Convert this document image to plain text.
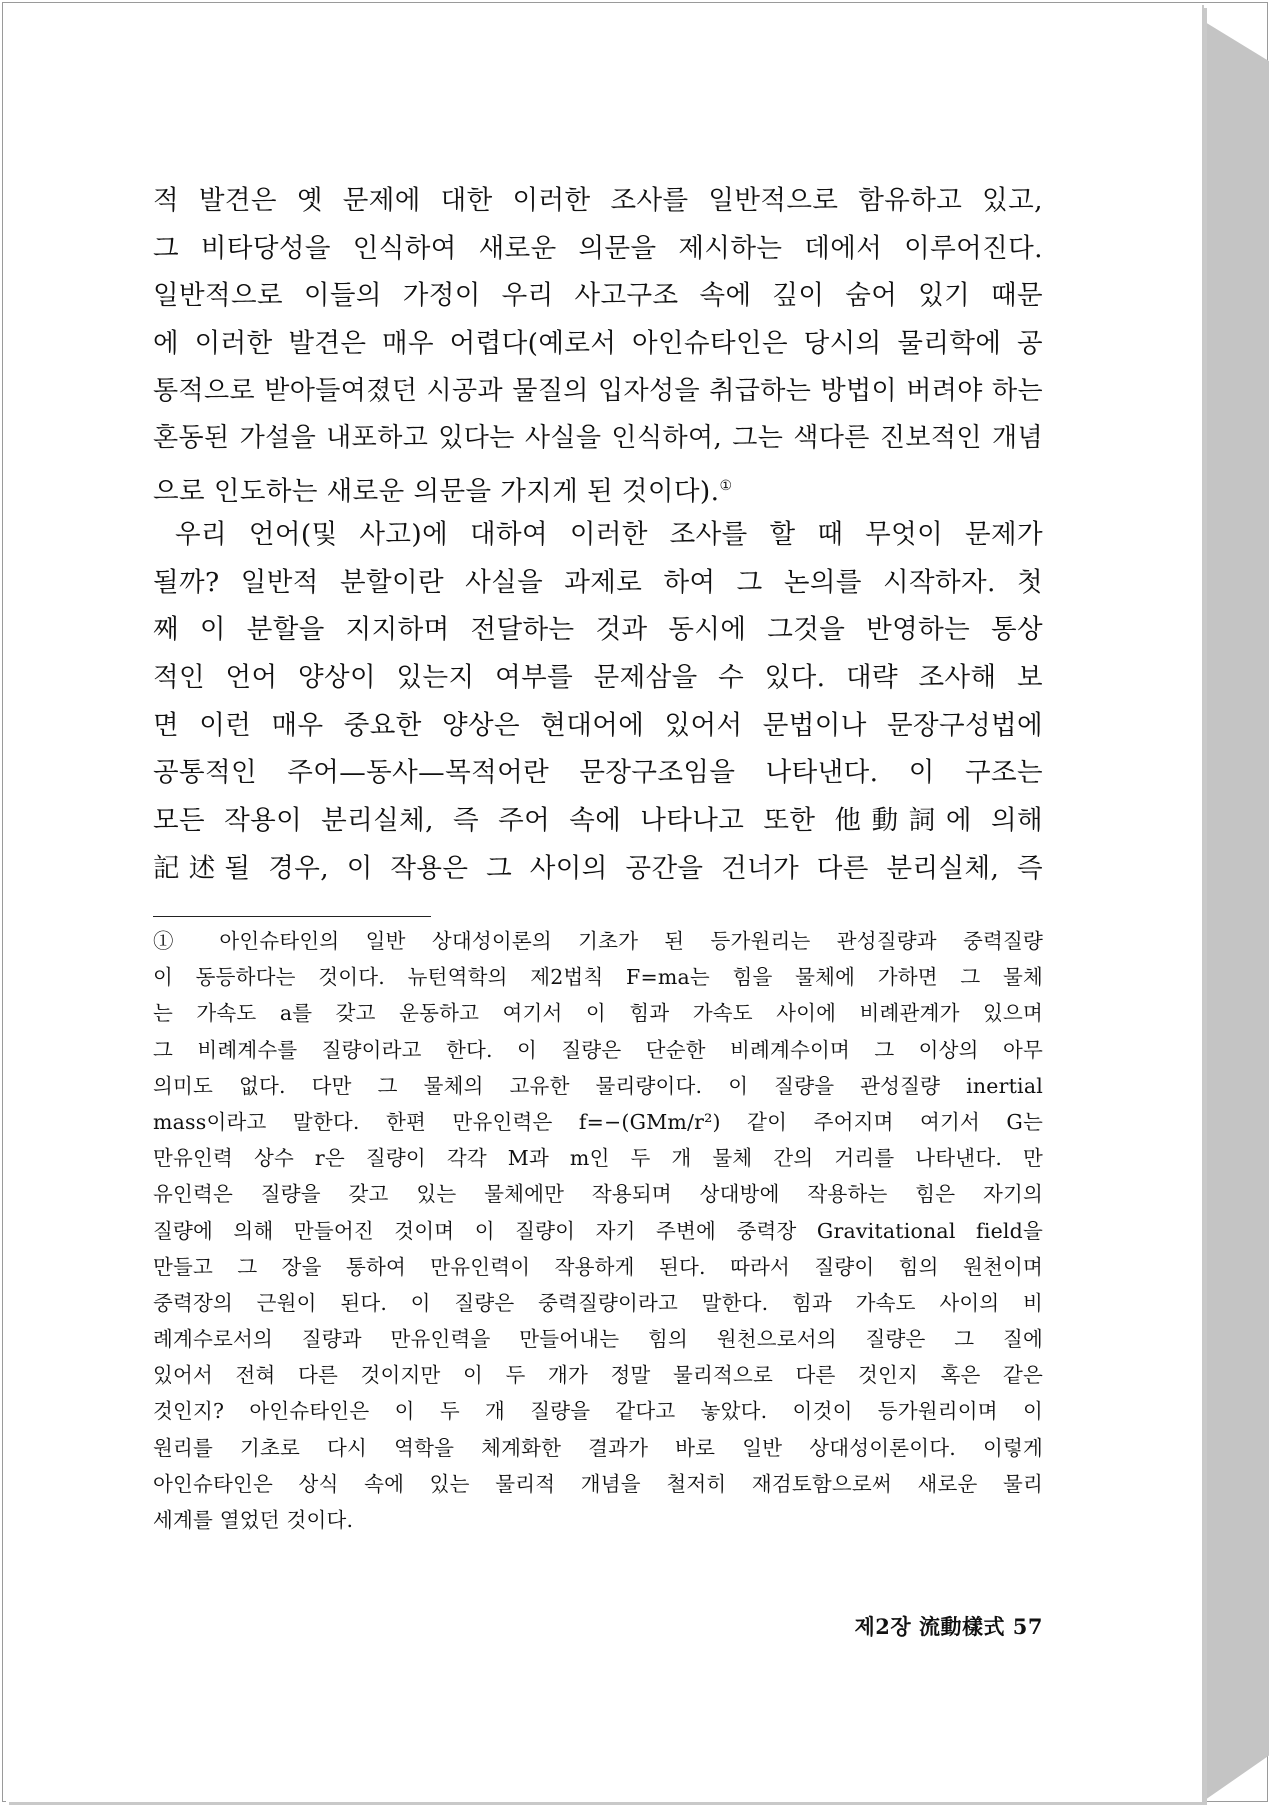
적 발견은 옛 문제에 대한 이러한 조사를 일반적으로 함유하고 있고,
그 비타당성을 인식하여 새로운 의문을 제시하는 데에서 이루어진다.
일반적으로 이들의 가정이 우리 사고구조 속에 깊이 숨어 있기 때문
에 이러한 발견은 매우 어렵다(예로서 아인슈타인은 당시의 물리학에 공
통적으로 받아들여졌던 시공과 물질의 입자성을 취급하는 방법이 버려야 하는
혼동된 가설을 내포하고 있다는 사실을 인식하여, 그는 색다른 진보적인 개념
으로 인도하는 새로운 의문을 가지게 된 것이다).①
우리 언어(및 사고)에 대하여 이러한 조사를 할 때 무엇이 문제가
될까? 일반적 분할이란 사실을 과제로 하여 그 논의를 시작하자. 첫
째 이 분할을 지지하며 전달하는 것과 동시에 그것을 반영하는 통상
적인 언어 양상이 있는지 여부를 문제삼을 수 있다. 대략 조사해 보
면 이런 매우 중요한 양상은 현대어에 있어서 문법이나 문장구성법에
공통적인 주어—동사—목적어란 문장구조임을 나타낸다. 이 구조는
모든 작용이 분리실체, 즉 주어 속에 나타나고 또한 他動詞에 의해
記述될 경우, 이 작용은 그 사이의 공간을 건너가 다른 분리실체, 즉
① 아인슈타인의 일반 상대성이론의 기초가 된 등가원리는 관성질량과 중력질량
이 동등하다는 것이다. 뉴턴역학의 제2법칙 F=ma는 힘을 물체에 가하면 그 물체
는 가속도 a를 갖고 운동하고 여기서 이 힘과 가속도 사이에 비례관계가 있으며
그 비례계수를 질량이라고 한다. 이 질량은 단순한 비례계수이며 그 이상의 아무
의미도 없다. 다만 그 물체의 고유한 물리량이다. 이 질량을 관성질량 inertial
mass이라고 말한다. 한편 만유인력은 f=−(GMm/r²) 같이 주어지며 여기서 G는
만유인력 상수 r은 질량이 각각 M과 m인 두 개 물체 간의 거리를 나타낸다. 만
유인력은 질량을 갖고 있는 물체에만 작용되며 상대방에 작용하는 힘은 자기의
질량에 의해 만들어진 것이며 이 질량이 자기 주변에 중력장 Gravitational field을
만들고 그 장을 통하여 만유인력이 작용하게 된다. 따라서 질량이 힘의 원천이며
중력장의 근원이 된다. 이 질량은 중력질량이라고 말한다. 힘과 가속도 사이의 비
례계수로서의 질량과 만유인력을 만들어내는 힘의 원천으로서의 질량은 그 질에
있어서 전혀 다른 것이지만 이 두 개가 정말 물리적으로 다른 것인지 혹은 같은
것인지? 아인슈타인은 이 두 개 질량을 같다고 놓았다. 이것이 등가원리이며 이
원리를 기초로 다시 역학을 체계화한 결과가 바로 일반 상대성이론이다. 이렇게
아인슈타인은 상식 속에 있는 물리적 개념을 철저히 재검토함으로써 새로운 물리
세계를 열었던 것이다.
제2장 流動樣式 57
